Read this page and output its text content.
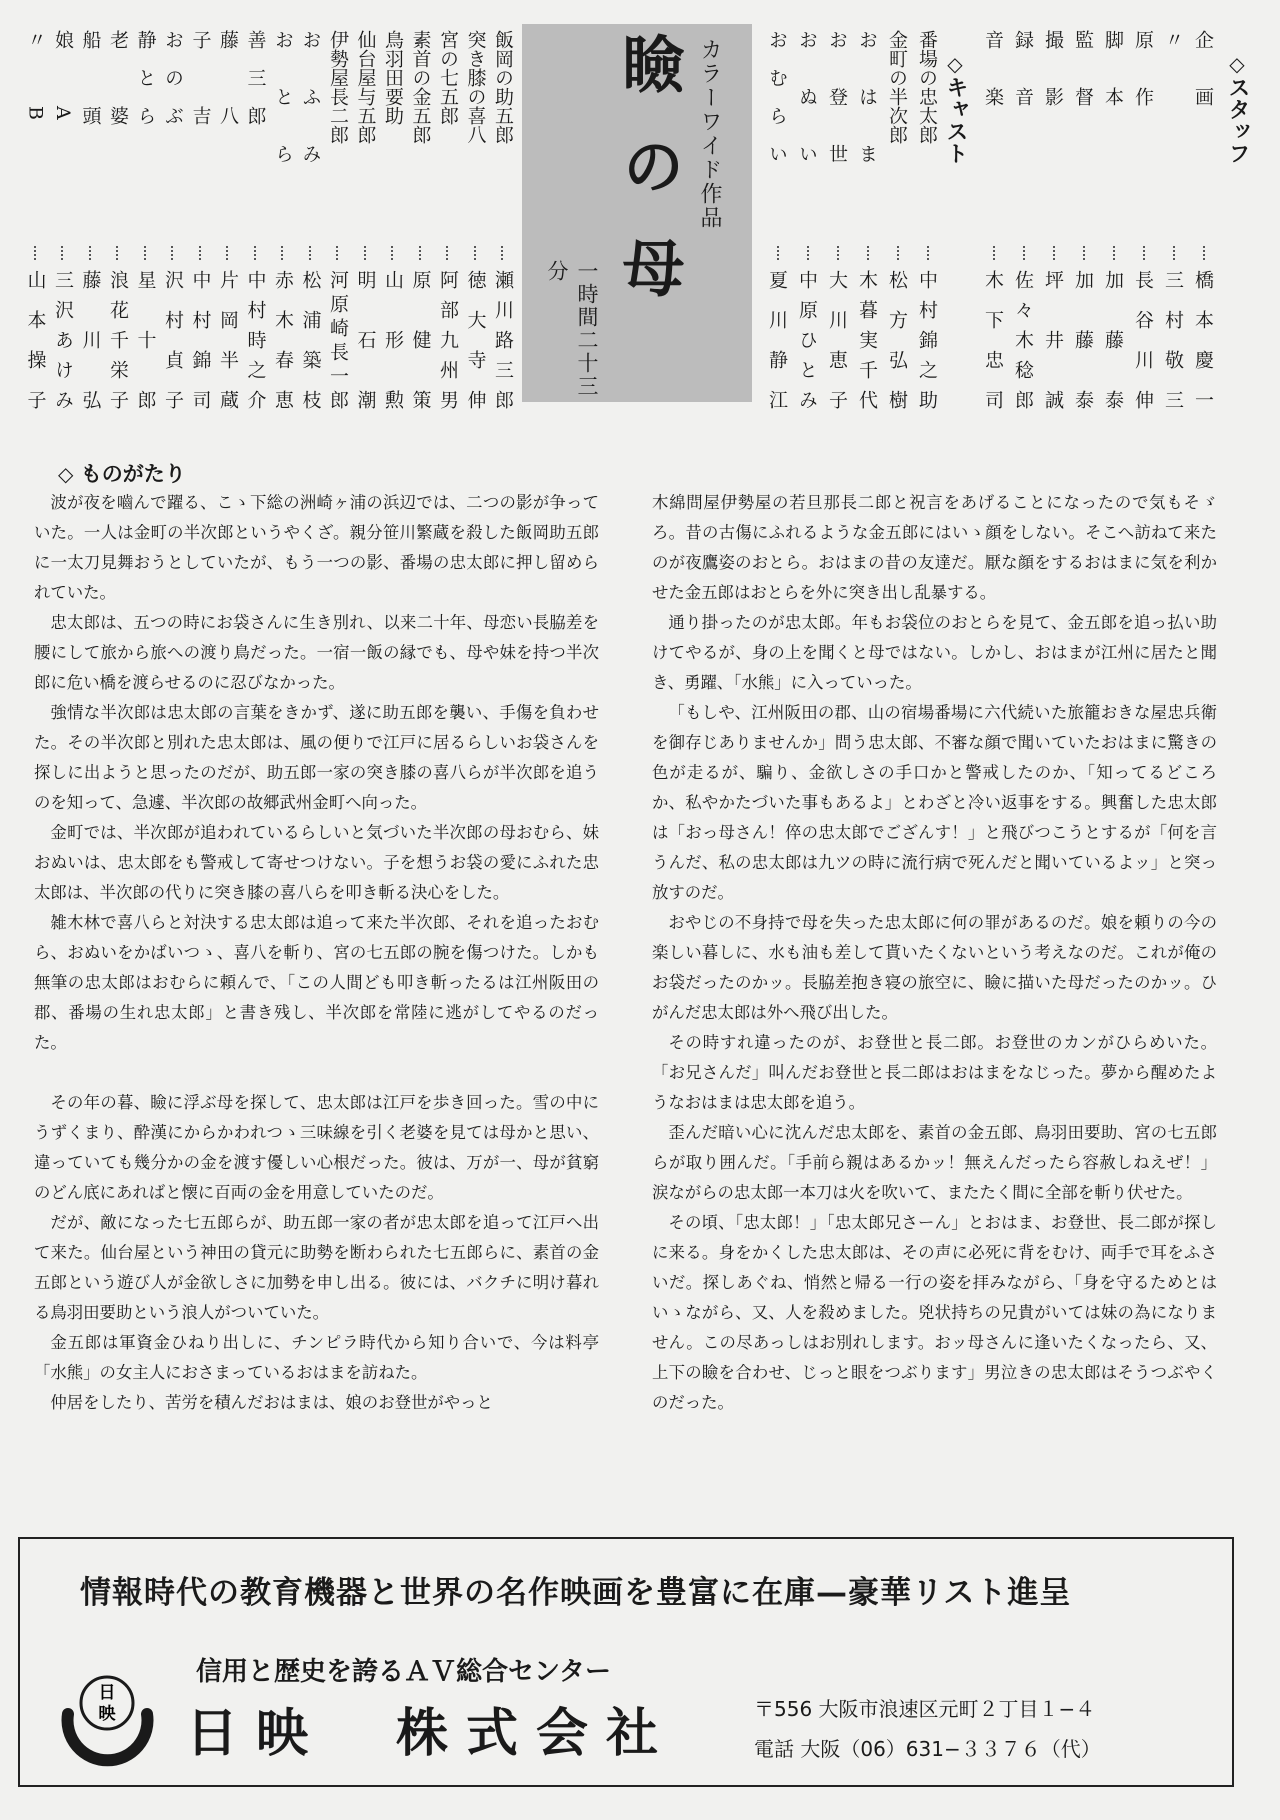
◇スタッフ
企　　画
橋本慶一
〃
三村敬三
原　　作
長谷川伸
脚　　本
加藤泰
監　　督
加藤泰
撮　　影
坪井誠
録　　音
佐々木稔郎
音　　楽
木下忠司
◇キャスト
番場の忠太郎
中村錦之助
金町の半次郎
松方弘樹
お　　は　　ま
木暮実千代
お　　登　　世
大川恵子
お　　ぬ　　い
中原ひとみ
お　む　ら　い
夏川静江
カラーワイド作品
瞼の母
一時間二十三分
飯岡の助五郎
瀬川路三郎
突き膝の喜八
徳大寺伸
宮の七五郎
阿部九州男
素首の金五郎
原健策
鳥羽田要助
山形勲
仙台屋与五郎
明石潮
伊勢屋長二郎
河原崎長一郎
お　　ふ　　み
松浦築枝
お　　と　　ら
赤木春恵
善　三　郎
中村時之介
藤　　　八
片岡半蔵
子　　　吉
中村錦司
お　の　ぶ
沢村貞子
静　と　ら
星十郎
老　　　婆
浪花千栄子
船　　　頭
藤川弘
娘　　　A
三沢あけみ
〃　　　B
山本操子
◇ ものがたり

波が夜を嚙んで躍る、こゝ下総の洲崎ヶ浦の浜辺では、二つの影が争っていた。一人は金町の半次郎というやくざ。親分笹川繁蔵を殺した飯岡助五郎に一太刀見舞おうとしていたが、もう一つの影、番場の忠太郎に押し留められていた。

忠太郎は、五つの時にお袋さんに生き別れ、以来二十年、母恋い長脇差を腰にして旅から旅への渡り鳥だった。一宿一飯の縁でも、母や妹を持つ半次郎に危い橋を渡らせるのに忍びなかった。

強情な半次郎は忠太郎の言葉をきかず、遂に助五郎を襲い、手傷を負わせた。その半次郎と別れた忠太郎は、風の便りで江戸に居るらしいお袋さんを探しに出ようと思ったのだが、助五郎一家の突き膝の喜八らが半次郎を追うのを知って、急遽、半次郎の故郷武州金町へ向った。

金町では、半次郎が追われているらしいと気づいた半次郎の母おむら、妹おぬいは、忠太郎をも警戒して寄せつけない。子を想うお袋の愛にふれた忠太郎は、半次郎の代りに突き膝の喜八らを叩き斬る決心をした。

雑木林で喜八らと対決する忠太郎は追って来た半次郎、それを追ったおむら、おぬいをかばいつゝ、喜八を斬り、宮の七五郎の腕を傷つけた。しかも無筆の忠太郎はおむらに頼んで、「この人間ども叩き斬ったるは江州阪田の郡、番場の生れ忠太郎」と書き残し、半次郎を常陸に逃がしてやるのだった。

その年の暮、瞼に浮ぶ母を探して、忠太郎は江戸を歩き回った。雪の中にうずくまり、酔漢にからかわれつゝ三味線を引く老婆を見ては母かと思い、違っていても幾分かの金を渡す優しい心根だった。彼は、万が一、母が貧窮のどん底にあればと懐に百両の金を用意していたのだ。

だが、敵になった七五郎らが、助五郎一家の者が忠太郎を追って江戸へ出て来た。仙台屋という神田の貸元に助勢を断わられた七五郎らに、素首の金五郎という遊び人が金欲しさに加勢を申し出る。彼には、バクチに明け暮れる鳥羽田要助という浪人がついていた。

金五郎は軍資金ひねり出しに、チンピラ時代から知り合いで、今は料亭「水熊」の女主人におさまっているおはまを訪ねた。

仲居をしたり、苦労を積んだおはまは、娘のお登世がやっと

木綿問屋伊勢屋の若旦那長二郎と祝言をあげることになったので気もそゞろ。昔の古傷にふれるような金五郎にはいゝ顔をしない。そこへ訪ねて来たのが夜鷹姿のおとら。おはまの昔の友達だ。厭な顔をするおはまに気を利かせた金五郎はおとらを外に突き出し乱暴する。

通り掛ったのが忠太郎。年もお袋位のおとらを見て、金五郎を追っ払い助けてやるが、身の上を聞くと母ではない。しかし、おはまが江州に居たと聞き、勇躍、「水熊」に入っていった。

「もしや、江州阪田の郡、山の宿場番場に六代続いた旅籠おきな屋忠兵衛を御存じありませんか」問う忠太郎、不審な顔で聞いていたおはまに驚きの色が走るが、騙り、金欲しさの手口かと警戒したのか、「知ってるどころか、私やかたづいた事もあるよ」とわざと冷い返事をする。興奮した忠太郎は「おっ母さん！倅の忠太郎でござんす！」と飛びつこうとするが「何を言うんだ、私の忠太郎は九ツの時に流行病で死んだと聞いているよッ」と突っ放すのだ。

おやじの不身持で母を失った忠太郎に何の罪があるのだ。娘を頼りの今の楽しい暮しに、水も油も差して貰いたくないという考えなのだ。これが俺のお袋だったのかッ。長脇差抱き寝の旅空に、瞼に描いた母だったのかッ。ひがんだ忠太郎は外へ飛び出した。

その時すれ違ったのが、お登世と長二郎。お登世のカンがひらめいた。「お兄さんだ」叫んだお登世と長二郎はおはまをなじった。夢から醒めたようなおはまは忠太郎を追う。

歪んだ暗い心に沈んだ忠太郎を、素首の金五郎、鳥羽田要助、宮の七五郎らが取り囲んだ。「手前ら親はあるかッ！無えんだったら容赦しねえぜ！」涙ながらの忠太郎一本刀は火を吹いて、またたく間に全部を斬り伏せた。

その頃、「忠太郎！」「忠太郎兄さーん」とおはま、お登世、長二郎が探しに来る。身をかくした忠太郎は、その声に必死に背をむけ、両手で耳をふさいだ。探しあぐね、悄然と帰る一行の姿を拝みながら、「身を守るためとはいゝながら、又、人を殺めました。兇状持ちの兄貴がいては妹の為になりません。この尽あっしはお別れします。おッ母さんに逢いたくなったら、又、上下の瞼を合わせ、じっと眼をつぶります」男泣きの忠太郎はそうつぶやくのだった。

情報時代の教育機器と世界の名作映画を豊富に在庫—豪華リスト進呈
日
映
信用と歴史を誇るＡＶ総合センター
日映　株式会社	〒556 大阪市浪速区元町２丁目１−４
電話 大阪（06）631−３３７６（代）
